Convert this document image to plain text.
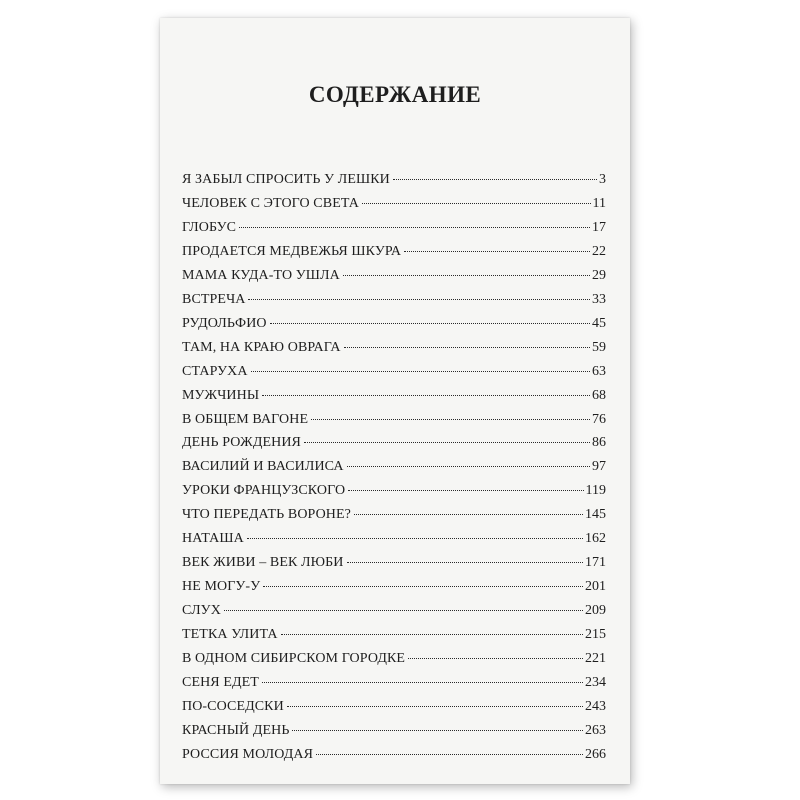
СОДЕРЖАНИЕ
Я ЗАБЫЛ СПРОСИТЬ У ЛЕШКИ	3
ЧЕЛОВЕК С ЭТОГО СВЕТА	11
ГЛОБУС	17
ПРОДАЕТСЯ МЕДВЕЖЬЯ ШКУРА	22
МАМА КУДА-ТО УШЛА	29
ВСТРЕЧА	33
РУДОЛЬФИО	45
ТАМ, НА КРАЮ ОВРАГА	59
СТАРУХА	63
МУЖЧИНЫ	68
В ОБЩЕМ ВАГОНЕ	76
ДЕНЬ РОЖДЕНИЯ	86
ВАСИЛИЙ И ВАСИЛИСА	97
УРОКИ ФРАНЦУЗСКОГО	119
ЧТО ПЕРЕДАТЬ ВОРОНЕ?	145
НАТАША	162
ВЕК ЖИВИ – ВЕК ЛЮБИ	171
НЕ МОГУ-У	201
СЛУХ	209
ТЕТКА УЛИТА	215
В ОДНОМ СИБИРСКОМ ГОРОДКЕ	221
СЕНЯ ЕДЕТ	234
ПО-СОСЕДСКИ	243
КРАСНЫЙ ДЕНЬ	263
РОССИЯ МОЛОДАЯ	266
